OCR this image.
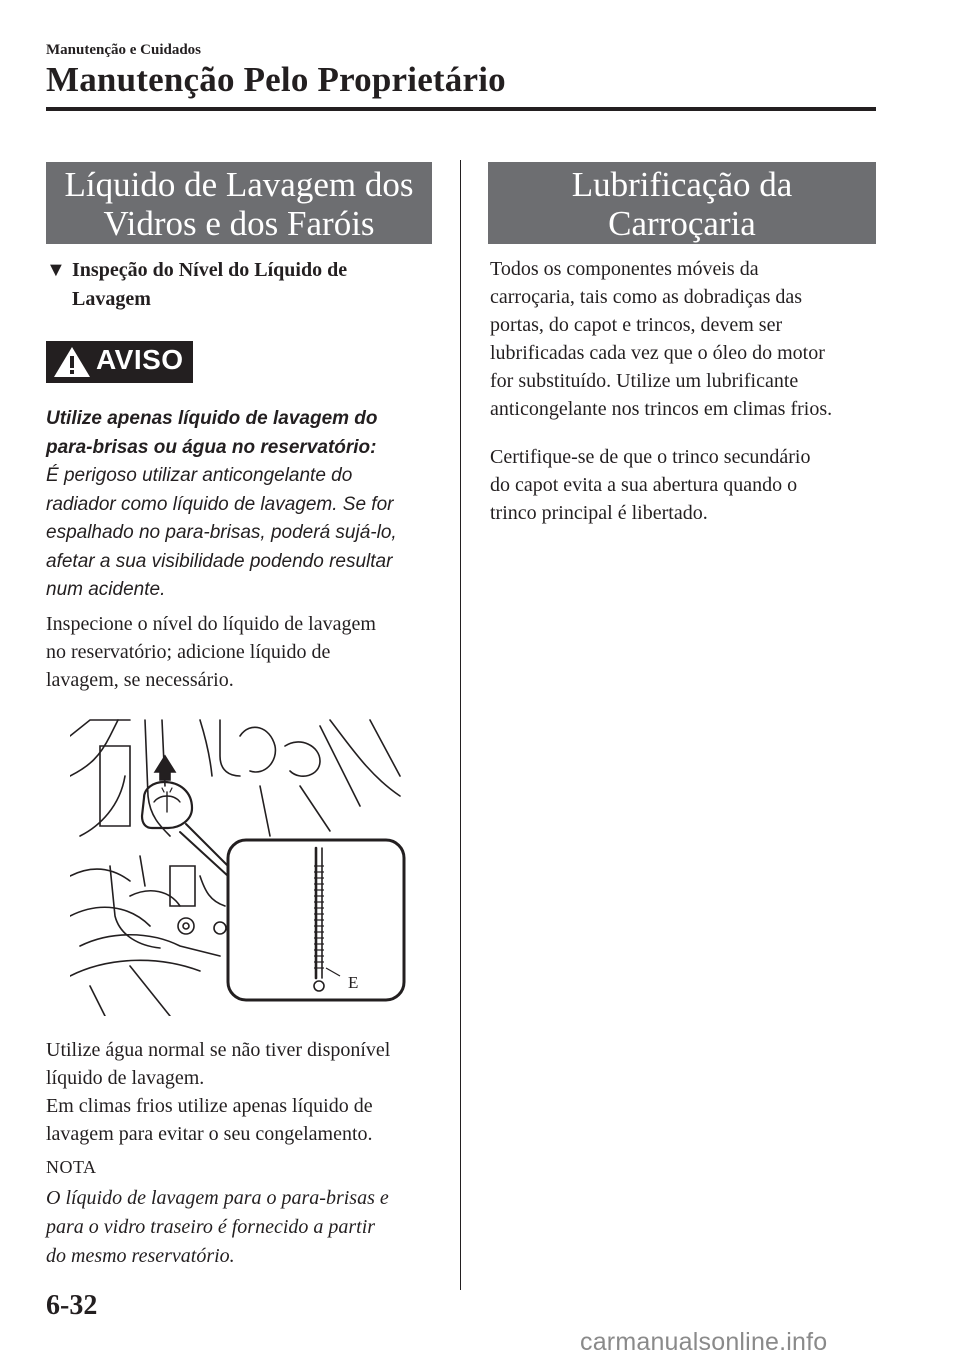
Manutenção e Cuidados
Manutenção Pelo Proprietário
Líquido de Lavagem dos
Vidros e dos Faróis
▼ Inspeção do Nível do Líquido de
Lavagem
AVISO
Utilize apenas líquido de lavagem do
para-brisas ou água no reservatório:
É perigoso utilizar anticongelante do
radiador como líquido de lavagem. Se for
espalhado no para-brisas, poderá sujá-lo,
afetar a sua visibilidade podendo resultar
num acidente.
Inspecione o nível do líquido de lavagem
no reservatório; adicione líquido de
lavagem, se necessário.
E
Utilize água normal se não tiver disponível
líquido de lavagem.
Em climas frios utilize apenas líquido de
lavagem para evitar o seu congelamento.
NOTA
O líquido de lavagem para o para-brisas e
para o vidro traseiro é fornecido a partir
do mesmo reservatório.
Lubrificação da
Carroçaria
Todos os componentes móveis da
carroçaria, tais como as dobradiças das
portas, do capot e trincos, devem ser
lubrificadas cada vez que o óleo do motor
for substituído. Utilize um lubrificante
anticongelante nos trincos em climas frios.
Certifique-se de que o trinco secundário
do capot evita a sua abertura quando o
trinco principal é libertado.
6-32
carmanualsonline.info
